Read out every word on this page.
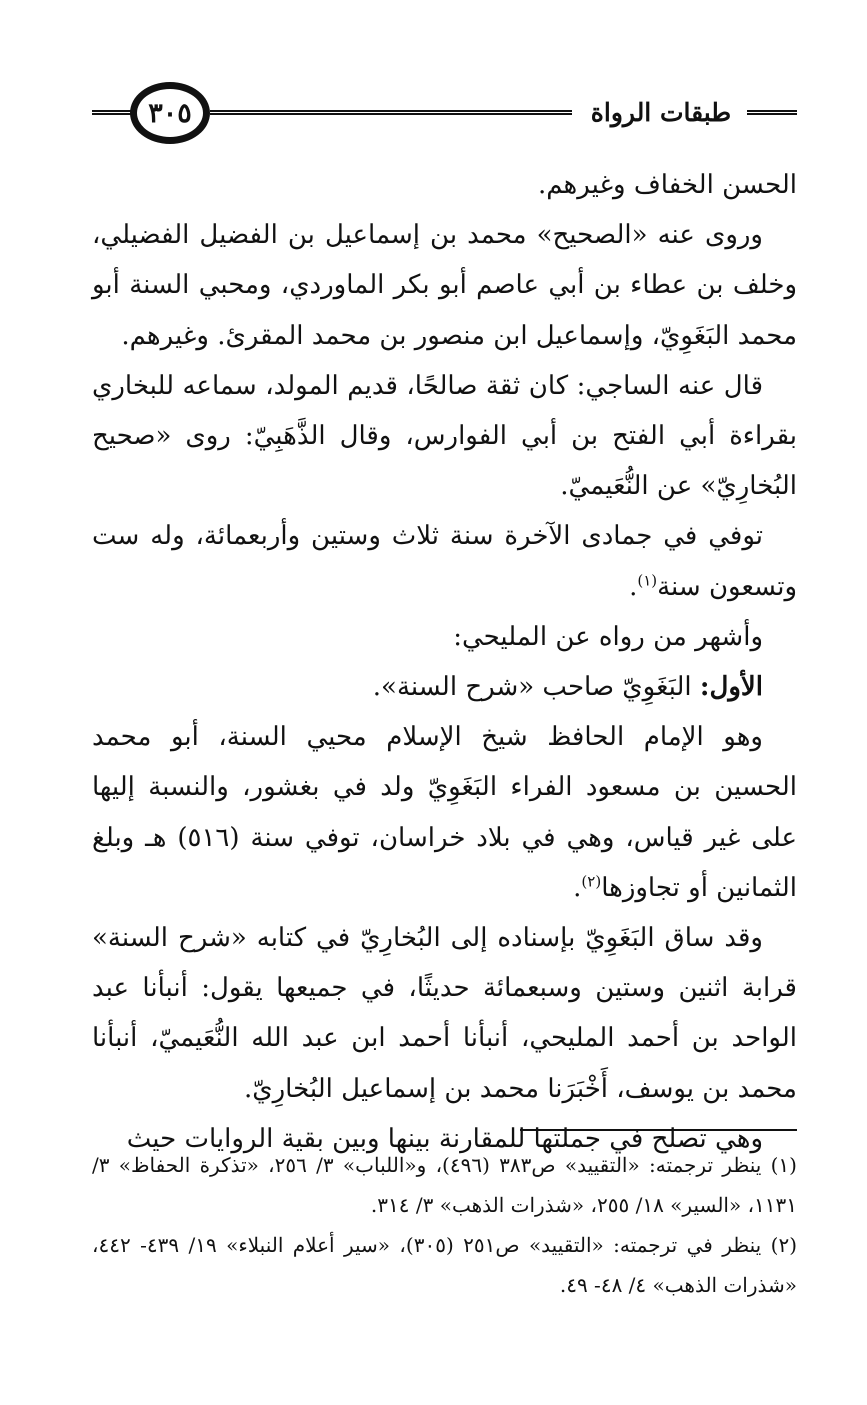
٣٠٥	طبقات الرواة

الحسن الخفاف وغيرهم.

وروى عنه «الصحيح» محمد بن إسماعيل بن الفضيل الفضيلي، وخلف بن عطاء بن أبي عاصم أبو بكر الماوردي، ومحبي السنة أبو محمد البَغَوِيّ، وإسماعيل ابن منصور بن محمد المقرئ. وغيرهم.

قال عنه الساجي: كان ثقة صالحًا، قديم المولد، سماعه للبخاري بقراءة أبي الفتح بن أبي الفوارس، وقال الذَّهَبِيّ: روى «صحيح البُخارِيّ» عن النُّعَيميّ.

توفي في جمادى الآخرة سنة ثلاث وستين وأربعمائة، وله ست وتسعون سنة$^{(١)}$.

وأشهر من رواه عن المليحي:

الأول: البَغَوِيّ صاحب «شرح السنة».

وهو الإمام الحافظ شيخ الإسلام محيي السنة، أبو محمد الحسين بن مسعود الفراء البَغَوِيّ ولد في بغشور، والنسبة إليها على غير قياس، وهي في بلاد خراسان، توفي سنة (٥١٦) هـ وبلغ الثمانين أو تجاوزها$^{(٢)}$.

وقد ساق البَغَوِيّ بإسناده إلى البُخارِيّ في كتابه «شرح السنة» قرابة اثنين وستين وسبعمائة حديثًا، في جميعها يقول: أنبأنا عبد الواحد بن أحمد المليحي، أنبأنا أحمد ابن عبد الله النُّعَيميّ، أنبأنا محمد بن يوسف، أَخْبَرَنا محمد بن إسماعيل البُخارِيّ.

وهي تصلح في جملتها للمقارنة بينها وبين بقية الروايات حيث

(١) ينظر ترجمته: «التقييد» ص٣٨٣ (٤٩٦)، و«اللباب» ٣/ ٢٥٦، «تذكرة الحفاظ» ٣/ ١١٣١، «السير» ١٨/ ٢٥٥، «شذرات الذهب» ٣/ ٣١٤.

(٢) ينظر في ترجمته: «التقييد» ص٢٥١ (٣٠٥)، «سير أعلام النبلاء» ١٩/ ٤٣٩- ٤٤٢، «شذرات الذهب» ٤/ ٤٨- ٤٩.
